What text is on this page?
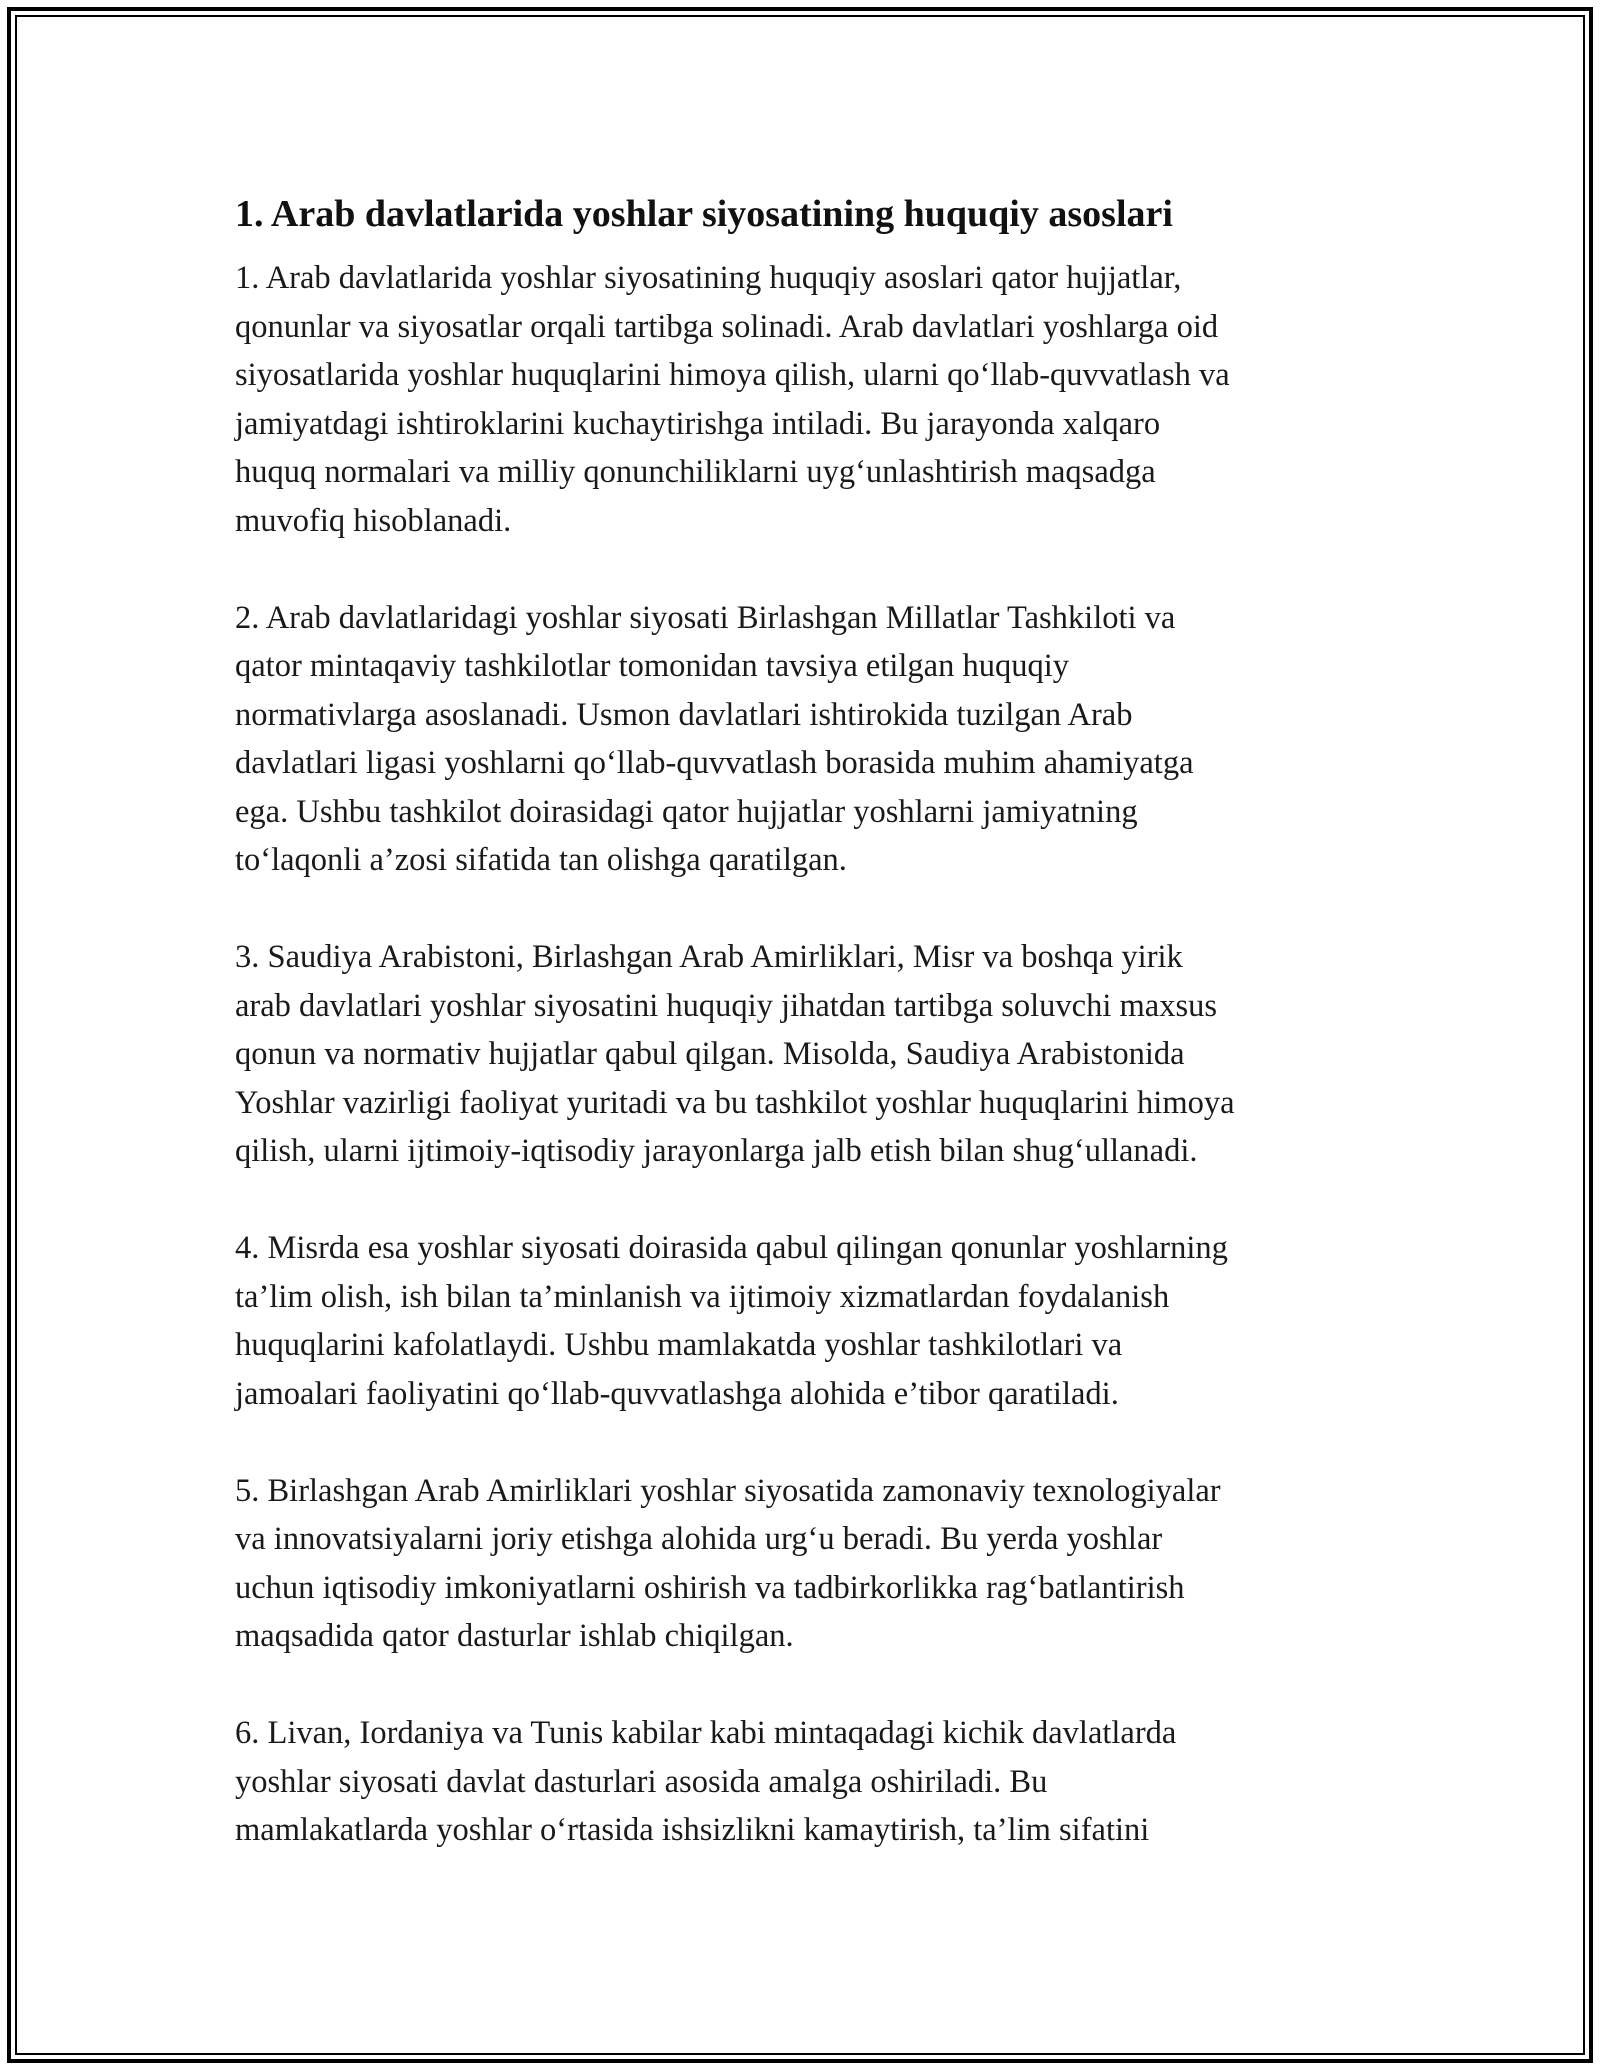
1. Arab davlatlarida yoshlar siyosatining huquqiy asoslari

1. Arab davlatlarida yoshlar siyosatining huquqiy asoslari qator hujjatlar,
qonunlar va siyosatlar orqali tartibga solinadi. Arab davlatlari yoshlarga oid
siyosatlarida yoshlar huquqlarini himoya qilish, ularni qo‘llab-quvvatlash va
jamiyatdagi ishtiroklarini kuchaytirishga intiladi. Bu jarayonda xalqaro
huquq normalari va milliy qonunchiliklarni uyg‘unlashtirish maqsadga
muvofiq hisoblanadi.

2. Arab davlatlaridagi yoshlar siyosati Birlashgan Millatlar Tashkiloti va
qator mintaqaviy tashkilotlar tomonidan tavsiya etilgan huquqiy
normativlarga asoslanadi. Usmon davlatlari ishtirokida tuzilgan Arab
davlatlari ligasi yoshlarni qo‘llab-quvvatlash borasida muhim ahamiyatga
ega. Ushbu tashkilot doirasidagi qator hujjatlar yoshlarni jamiyatning
to‘laqonli a’zosi sifatida tan olishga qaratilgan.

3. Saudiya Arabistoni, Birlashgan Arab Amirliklari, Misr va boshqa yirik
arab davlatlari yoshlar siyosatini huquqiy jihatdan tartibga soluvchi maxsus
qonun va normativ hujjatlar qabul qilgan. Misolda, Saudiya Arabistonida
Yoshlar vazirligi faoliyat yuritadi va bu tashkilot yoshlar huquqlarini himoya
qilish, ularni ijtimoiy-iqtisodiy jarayonlarga jalb etish bilan shug‘ullanadi.

4. Misrda esa yoshlar siyosati doirasida qabul qilingan qonunlar yoshlarning
ta’lim olish, ish bilan ta’minlanish va ijtimoiy xizmatlardan foydalanish
huquqlarini kafolatlaydi. Ushbu mamlakatda yoshlar tashkilotlari va
jamoalari faoliyatini qo‘llab-quvvatlashga alohida e’tibor qaratiladi.

5. Birlashgan Arab Amirliklari yoshlar siyosatida zamonaviy texnologiyalar
va innovatsiyalarni joriy etishga alohida urg‘u beradi. Bu yerda yoshlar
uchun iqtisodiy imkoniyatlarni oshirish va tadbirkorlikka rag‘batlantirish
maqsadida qator dasturlar ishlab chiqilgan.

6. Livan, Iordaniya va Tunis kabilar kabi mintaqadagi kichik davlatlarda
yoshlar siyosati davlat dasturlari asosida amalga oshiriladi. Bu
mamlakatlarda yoshlar o‘rtasida ishsizlikni kamaytirish, ta’lim sifatini
